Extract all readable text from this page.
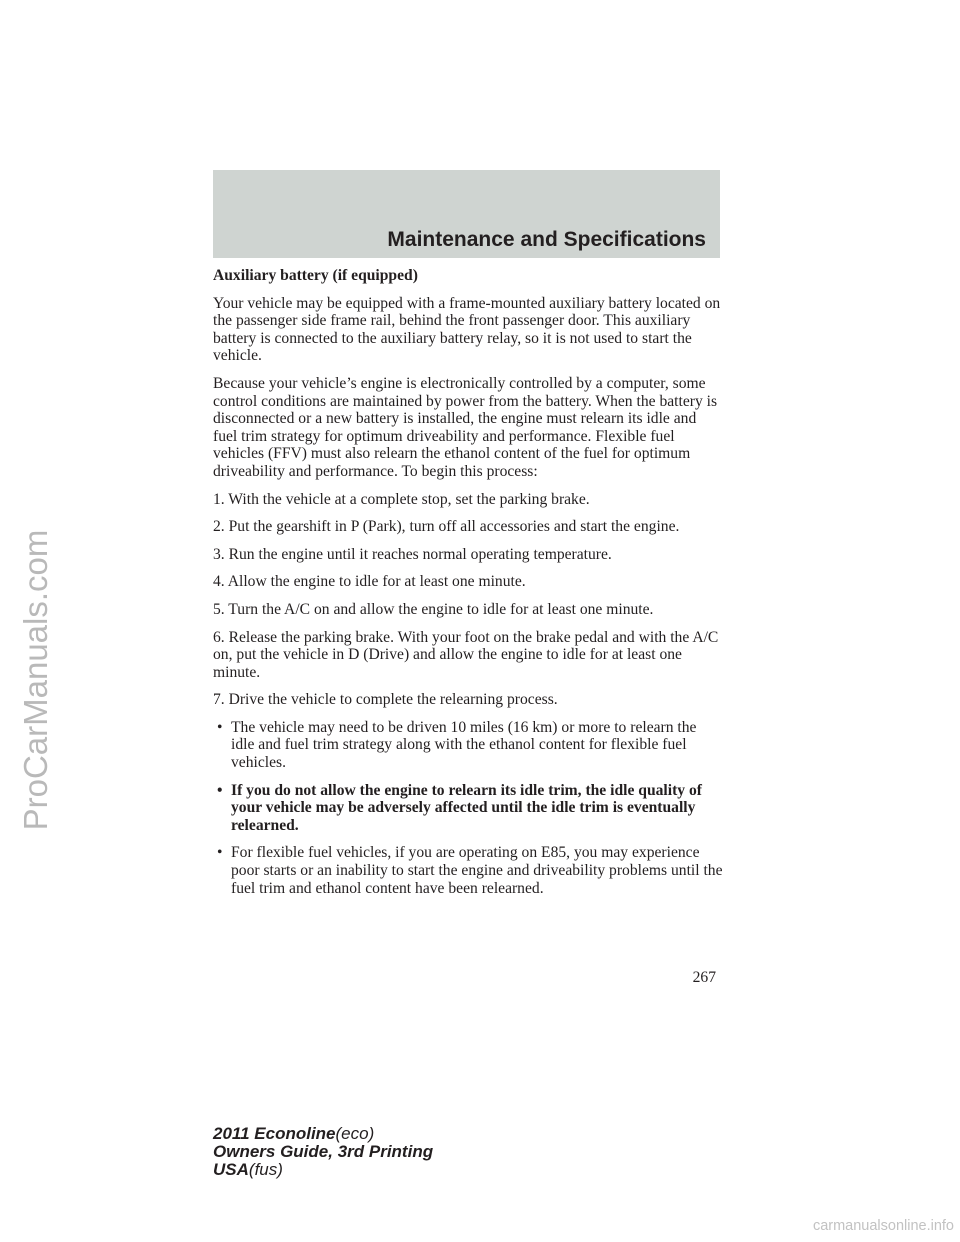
ProCarManuals.com
Maintenance and Specifications

Auxiliary battery (if equipped)

Your vehicle may be equipped with a frame-mounted auxiliary battery located on the passenger side frame rail, behind the front passenger door. This auxiliary battery is connected to the auxiliary battery relay, so it is not used to start the vehicle.

Because your vehicle’s engine is electronically controlled by a computer, some control conditions are maintained by power from the battery. When the battery is disconnected or a new battery is installed, the engine must relearn its idle and fuel trim strategy for optimum driveability and performance. Flexible fuel vehicles (FFV) must also relearn the ethanol content of the fuel for optimum driveability and performance. To begin this process:

1. With the vehicle at a complete stop, set the parking brake.

2. Put the gearshift in P (Park), turn off all accessories and start the engine.

3. Run the engine until it reaches normal operating temperature.

4. Allow the engine to idle for at least one minute.

5. Turn the A/C on and allow the engine to idle for at least one minute.

6. Release the parking brake. With your foot on the brake pedal and with the A/C on, put the vehicle in D (Drive) and allow the engine to idle for at least one minute.

7. Drive the vehicle to complete the relearning process.

• The vehicle may need to be driven 10 miles (16 km) or more to relearn the idle and fuel trim strategy along with the ethanol content for flexible fuel vehicles.
• If you do not allow the engine to relearn its idle trim, the idle quality of your vehicle may be adversely affected until the idle trim is eventually relearned.
• For flexible fuel vehicles, if you are operating on E85, you may experience poor starts or an inability to start the engine and driveability problems until the fuel trim and ethanol content have been relearned.
267
2011 Econoline(eco)
Owners Guide, 3rd Printing
USA(fus)
carmanualsonline.info
